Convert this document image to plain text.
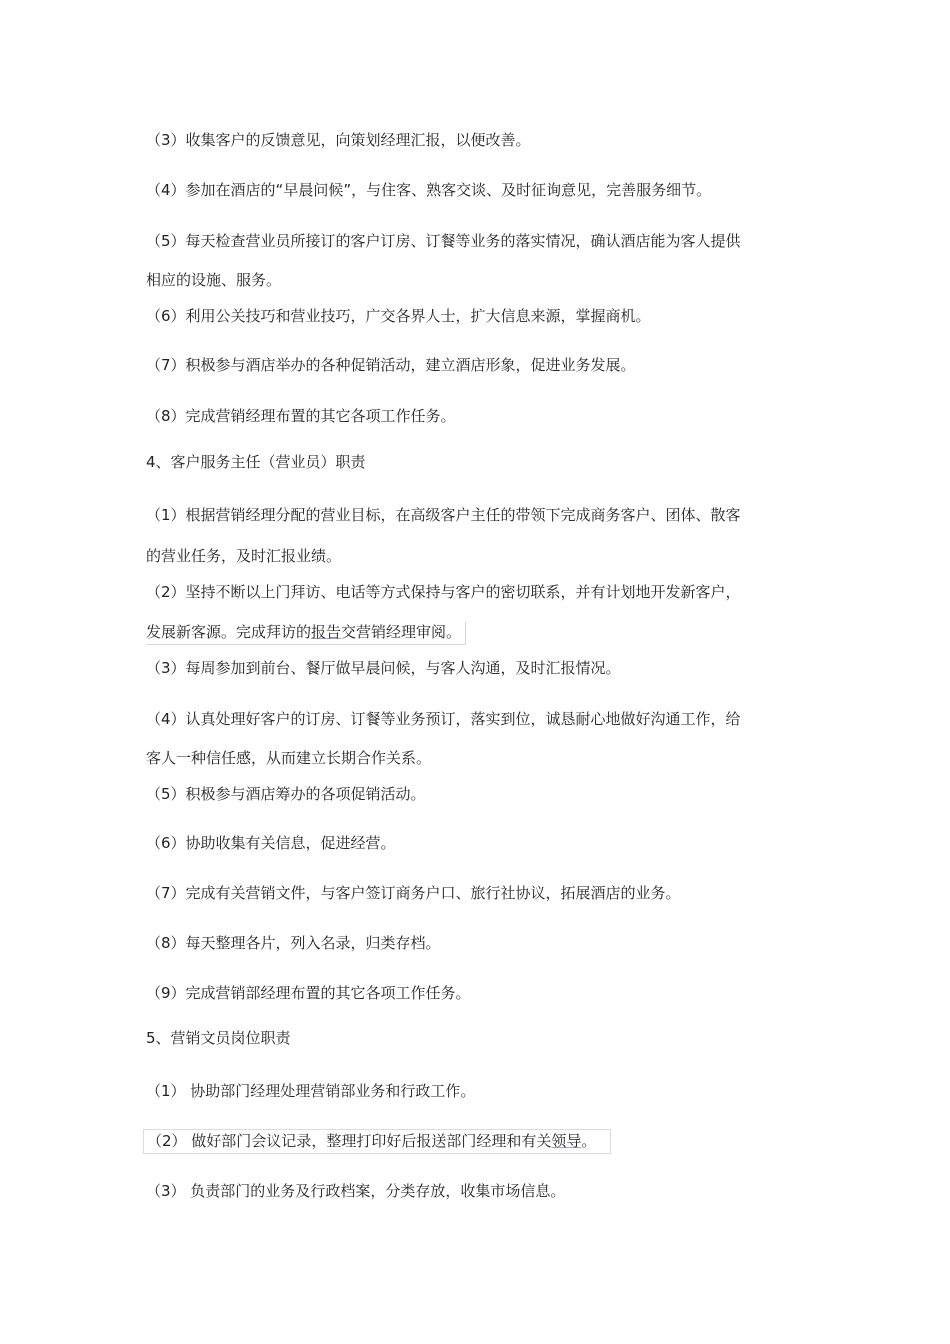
（3）收集客户的反馈意见，向策划经理汇报，以便改善。
（4）参加在酒店的“早晨问候”，与住客、熟客交谈、及时征询意见，完善服务细节。
（5）每天检查营业员所接订的客户订房、订餐等业务的落实情况，确认酒店能为客人提供
相应的设施、服务。
（6）利用公关技巧和营业技巧，广交各界人士，扩大信息来源，掌握商机。
（7）积极参与酒店举办的各种促销活动，建立酒店形象，促进业务发展。
（8）完成营销经理布置的其它各项工作任务。
4、客户服务主任（营业员）职责
（1）根据营销经理分配的营业目标，在高级客户主任的带领下完成商务客户、团体、散客
的营业任务，及时汇报业绩。
（2）坚持不断以上门拜访、电话等方式保持与客户的密切联系，并有计划地开发新客户，
发展新客源。完成拜访的报告交营销经理审阅。
（3）每周参加到前台、餐厅做早晨问候，与客人沟通，及时汇报情况。
（4）认真处理好客户的订房、订餐等业务预订，落实到位，诚恳耐心地做好沟通工作，给
客人一种信任感，从而建立长期合作关系。
（5）积极参与酒店筹办的各项促销活动。
（6）协助收集有关信息，促进经营。
（7）完成有关营销文件，与客户签订商务户口、旅行社协议，拓展酒店的业务。
（8）每天整理各片，列入名录，归类存档。
（9）完成营销部经理布置的其它各项工作任务。
5、营销文员岗位职责
（1） 协助部门经理处理营销部业务和行政工作。
（2） 做好部门会议记录，整理打印好后报送部门经理和有关领导。
（3） 负责部门的业务及行政档案，分类存放，收集市场信息。
